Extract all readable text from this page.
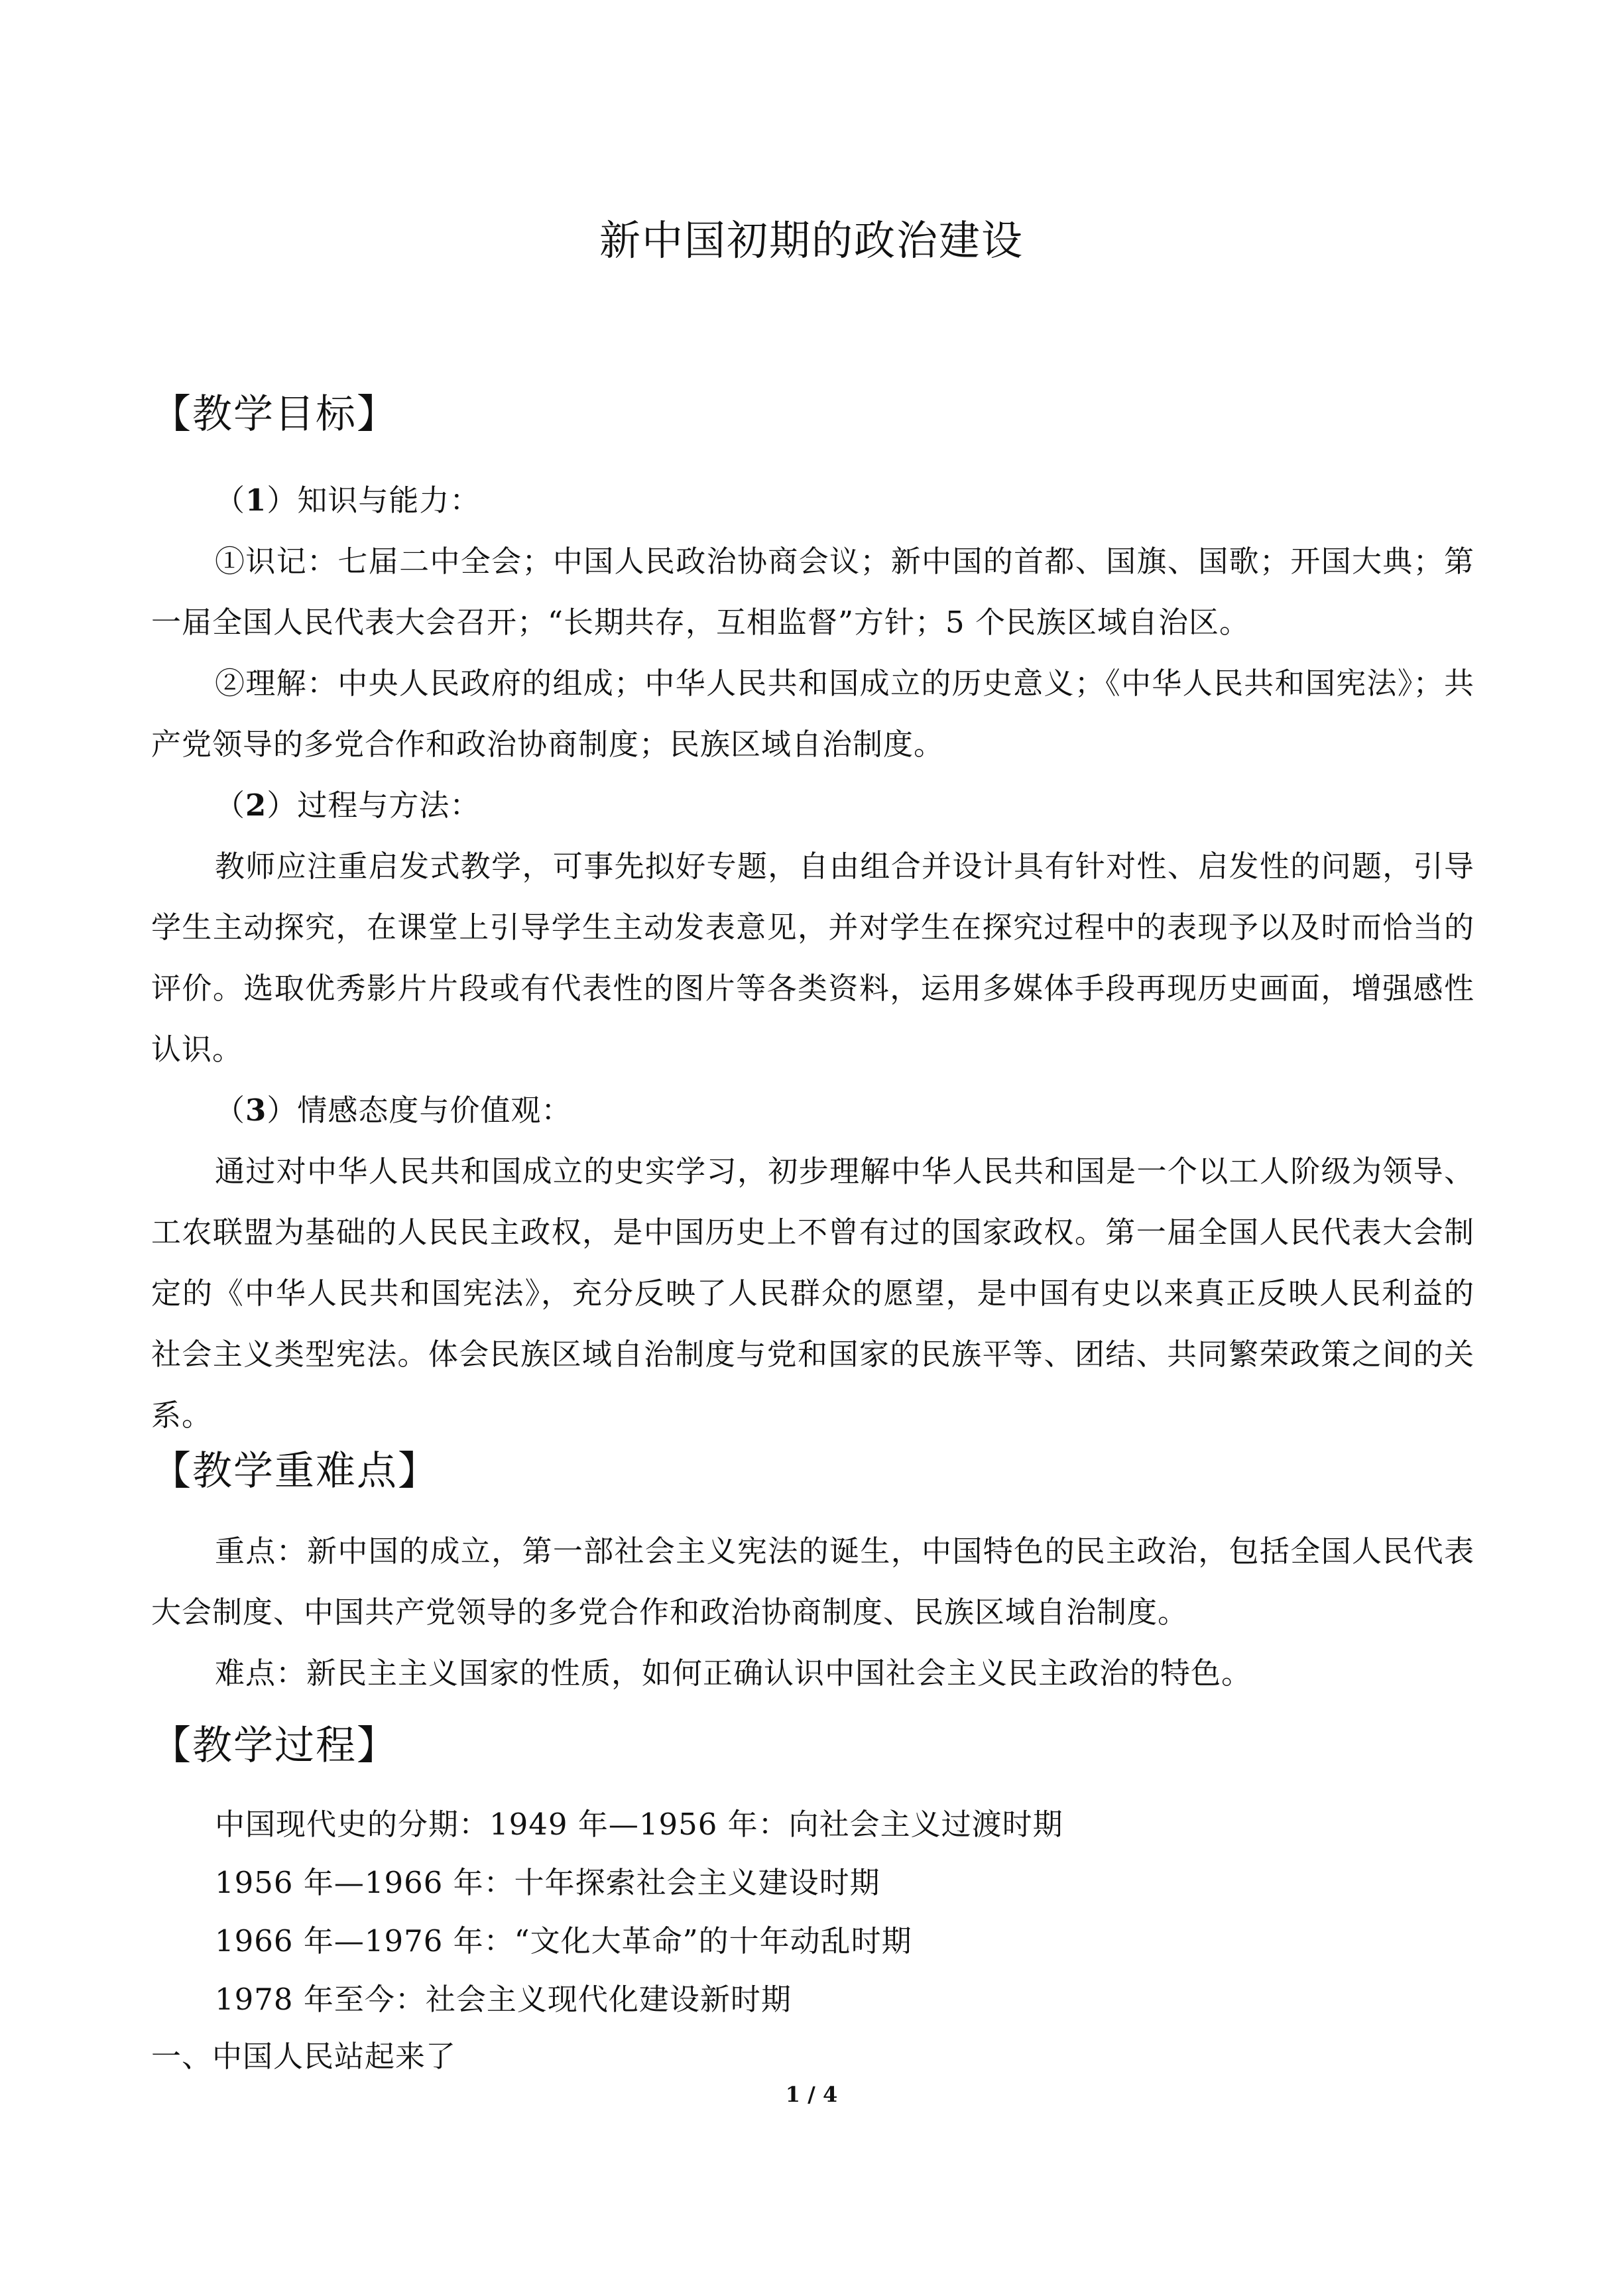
新中国初期的政治建设
【教学目标】
（1）知识与能力：
①识记：七届二中全会；中国人民政治协商会议；新中国的首都、国旗、国歌；开国大典；第一届全国人民代表大会召开；“长期共存，互相监督”方针；5 个民族区域自治区。
②理解：中央人民政府的组成；中华人民共和国成立的历史意义；《中华人民共和国宪法》；共产党领导的多党合作和政治协商制度；民族区域自治制度。
（2）过程与方法：
教师应注重启发式教学，可事先拟好专题，自由组合并设计具有针对性、启发性的问题，引导学生主动探究，在课堂上引导学生主动发表意见，并对学生在探究过程中的表现予以及时而恰当的评价。选取优秀影片片段或有代表性的图片等各类资料，运用多媒体手段再现历史画面，增强感性认识。
（3）情感态度与价值观：
通过对中华人民共和国成立的史实学习，初步理解中华人民共和国是一个以工人阶级为领导、工农联盟为基础的人民民主政权，是中国历史上不曾有过的国家政权。第一届全国人民代表大会制定的《中华人民共和国宪法》，充分反映了人民群众的愿望，是中国有史以来真正反映人民利益的社会主义类型宪法。体会民族区域自治制度与党和国家的民族平等、团结、共同繁荣政策之间的关系。
【教学重难点】
重点：新中国的成立，第一部社会主义宪法的诞生，中国特色的民主政治，包括全国人民代表大会制度、中国共产党领导的多党合作和政治协商制度、民族区域自治制度。
难点：新民主主义国家的性质，如何正确认识中国社会主义民主政治的特色。
【教学过程】
中国现代史的分期：1949 年—1956 年：向社会主义过渡时期
1956 年—1966 年：十年探索社会主义建设时期
1966 年—1976 年：“文化大革命”的十年动乱时期
1978 年至今：社会主义现代化建设新时期
一、中国人民站起来了
1 / 4
